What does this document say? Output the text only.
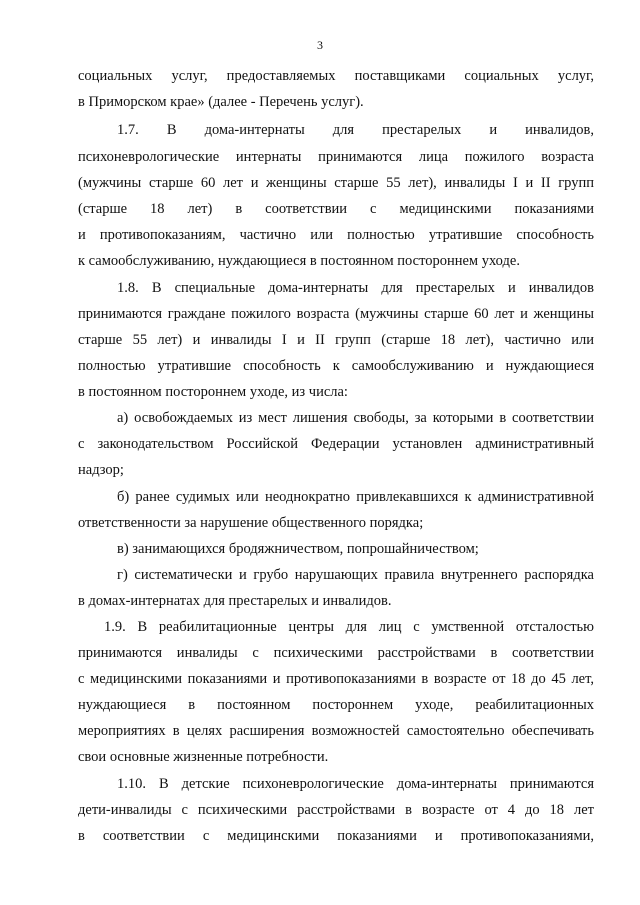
3
социальных услуг, предоставляемых поставщиками социальных услуг,
в Приморском крае» (далее - Перечень услуг).
1.7. В дома-интернаты для престарелых и инвалидов,
психоневрологические интернаты принимаются лица пожилого возраста
(мужчины старше 60 лет и женщины старше 55 лет), инвалиды I и II групп
(старше 18 лет) в соответствии с медицинскими показаниями
и противопоказаниям, частично или полностью утратившие способность
к самообслуживанию, нуждающиеся в постоянном постороннем уходе.
1.8. В специальные дома-интернаты для престарелых и инвалидов
принимаются граждане пожилого возраста (мужчины старше 60 лет и женщины
старше 55 лет) и инвалиды I и II групп (старше 18 лет), частично или
полностью утратившие способность к самообслуживанию и нуждающиеся
в постоянном постороннем уходе, из числа:
а) освобождаемых из мест лишения свободы, за которыми в соответствии
с законодательством Российской Федерации установлен административный
надзор;
б) ранее судимых или неоднократно привлекавшихся к административной
ответственности за нарушение общественного порядка;
в) занимающихся бродяжничеством, попрошайничеством;
г) систематически и грубо нарушающих правила внутреннего распорядка
в домах-интернатах для престарелых и инвалидов.
1.9. В реабилитационные центры для лиц с умственной отсталостью
принимаются инвалиды с психическими расстройствами в соответствии
с медицинскими показаниями и противопоказаниями в возрасте от 18 до 45 лет,
нуждающиеся в постоянном постороннем уходе, реабилитационных
мероприятиях в целях расширения возможностей самостоятельно обеспечивать
свои основные жизненные потребности.
1.10. В детские психоневрологические дома-интернаты принимаются
дети-инвалиды с психическими расстройствами в возрасте от 4 до 18 лет
в соответствии с медицинскими показаниями и противопоказаниями,
